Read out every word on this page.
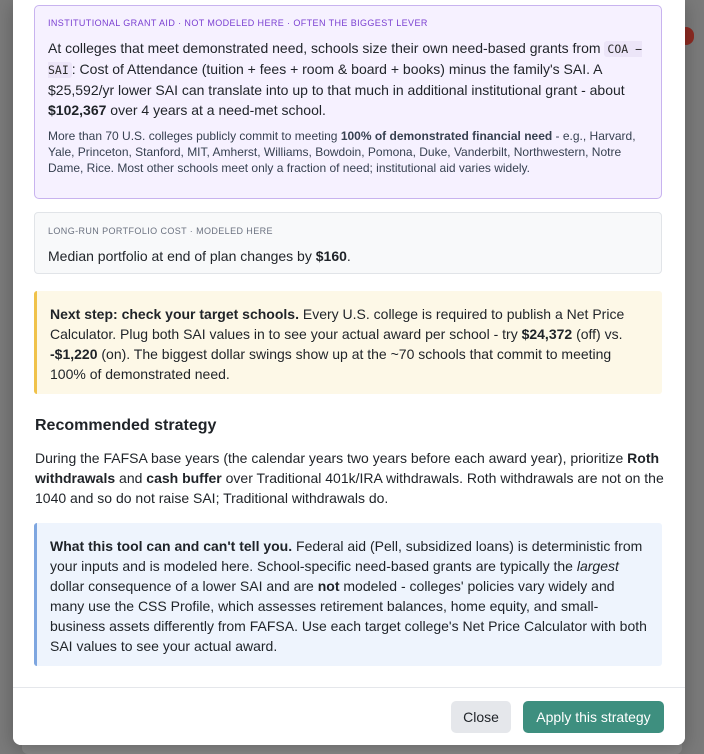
INSTITUTIONAL GRANT AID · NOT MODELED HERE · OFTEN THE BIGGEST LEVER

At colleges that meet demonstrated need, schools size their own need-based grants from COA − SAI : Cost of Attendance (tuition + fees + room & board + books) minus the family's SAI. A $25,592/yr lower SAI can translate into up to that much in additional institutional grant - about $102,367 over 4 years at a need-met school.

More than 70 U.S. colleges publicly commit to meeting 100% of demonstrated financial need - e.g., Harvard, Yale, Princeton, Stanford, MIT, Amherst, Williams, Bowdoin, Pomona, Duke, Vanderbilt, Northwestern, Notre Dame, Rice. Most other schools meet only a fraction of need; institutional aid varies widely.

LONG-RUN PORTFOLIO COST · MODELED HERE

Median portfolio at end of plan changes by $160.

Next step: check your target schools. Every U.S. college is required to publish a Net Price Calculator. Plug both SAI values in to see your actual award per school - try $24,372 (off) vs. -$1,220 (on). The biggest dollar swings show up at the ~70 schools that commit to meeting 100% of demonstrated need.

Recommended strategy

During the FAFSA base years (the calendar years two years before each award year), prioritize Roth withdrawals and cash buffer over Traditional 401k/IRA withdrawals. Roth withdrawals are not on the 1040 and so do not raise SAI; Traditional withdrawals do.

What this tool can and can't tell you. Federal aid (Pell, subsidized loans) is deterministic from your inputs and is modeled here. School-specific need-based grants are typically the largest dollar consequence of a lower SAI and are not modeled - colleges' policies vary widely and many use the CSS Profile, which assesses retirement balances, home equity, and small-business assets differently from FAFSA. Use each target college's Net Price Calculator with both SAI values to see your actual award.

Close	Apply this strategy
